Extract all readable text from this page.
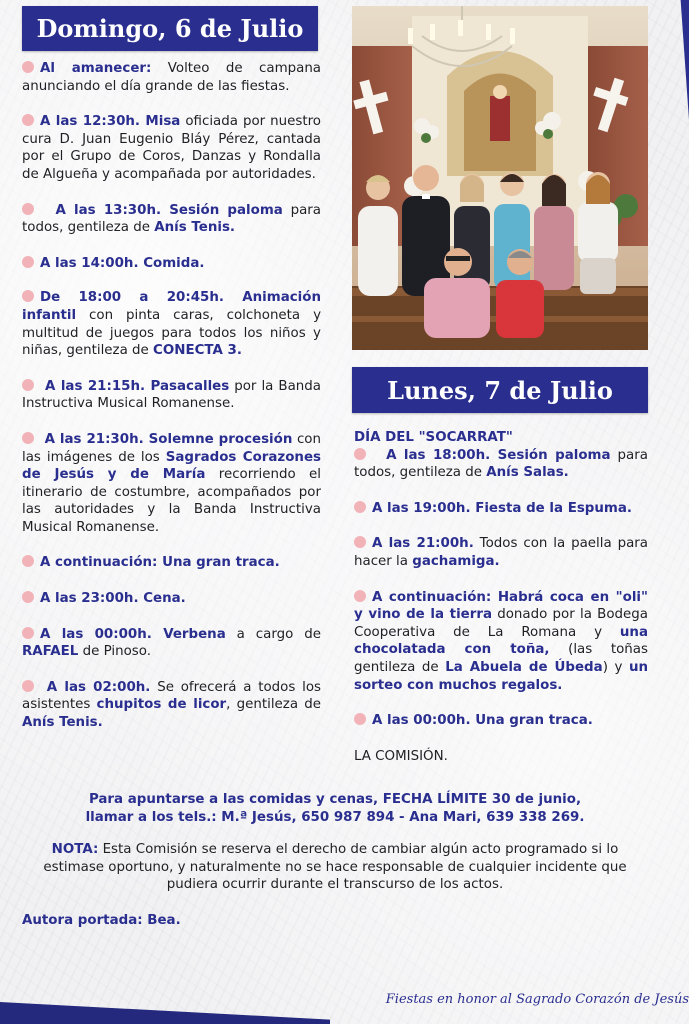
Domingo, 6 de Julio

Al amanecer: Volteo de campana anunciando el día grande de las fiestas.

A las 12:30h. Misa oficiada por nuestro cura D. Juan Eugenio Bláy Pérez, cantada por el Grupo de Coros, Danzas y Rondalla de Algueña y acompañada por autoridades.

A las 13:30h. Sesión paloma para todos, gentileza de Anís Tenis.

A las 14:00h. Comida.

De 18:00 a 20:45h. Animación infantil con pinta caras, colchoneta y multitud de juegos para todos los niños y niñas, gentileza de CONECTA 3.

A las 21:15h. Pasacalles por la Banda Instructiva Musical Romanense.

A las 21:30h. Solemne procesión con las imágenes de los Sagrados Corazones de Jesús y de María recorriendo el itinerario de costumbre, acompañados por las autoridades y la Banda Instructiva Musical Romanense.

A continuación: Una gran traca.

A las 23:00h. Cena.

A las 00:00h. Verbena a cargo de RAFAEL de Pinoso.

A las 02:00h. Se ofrecerá a todos los asistentes chupitos de licor, gentileza de Anís Tenis.

Lunes, 7 de Julio

DÍA DEL "SOCARRAT"

A las 18:00h. Sesión paloma para todos, gentileza de Anís Salas.

A las 19:00h. Fiesta de la Espuma.

A las 21:00h. Todos con la paella para hacer la gachamiga.

A continuación: Habrá coca en "oli" y vino de la tierra donado por la Bodega Cooperativa de La Romana y una chocolatada con toña, (las toñas gentileza de La Abuela de Úbeda) y un sorteo con muchos regalos.

A las 00:00h. Una gran traca.

LA COMISIÓN.

Para apuntarse a las comidas y cenas, FECHA LÍMITE 30 de junio,

llamar a los tels.: M.ª Jesús, 650 987 894 - Ana Mari, 639 338 269.

NOTA: Esta Comisión se reserva el derecho de cambiar algún acto programado si lo estimase oportuno, y naturalmente no se hace responsable de cualquier incidente que pudiera ocurrir durante el transcurso de los actos.

Autora portada: Bea.
Fiestas en honor al Sagrado Corazón de Jesús
